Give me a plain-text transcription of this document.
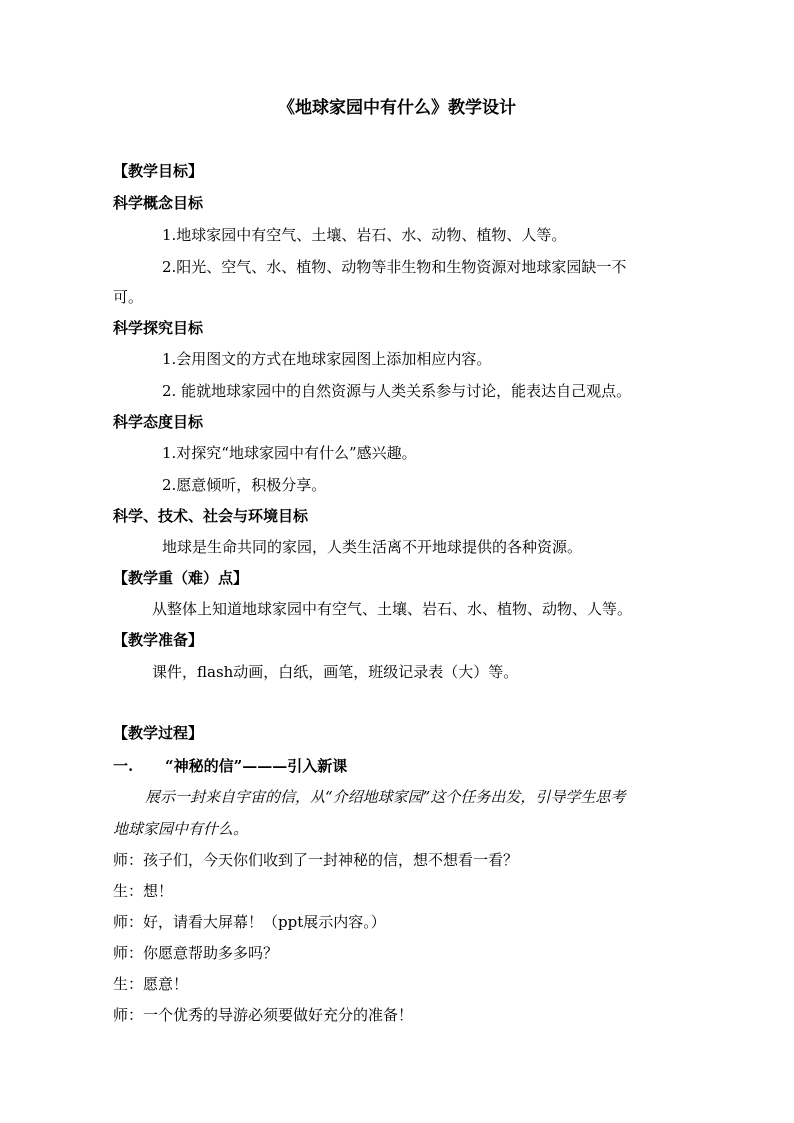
《地球家园中有什么》教学设计
【教学目标】
科学概念目标
1.地球家园中有空气、土壤、岩石、水、动物、植物、人等。
2.阳光、空气、水、植物、动物等非生物和生物资源对地球家园缺一不
可。
科学探究目标
1.会用图文的方式在地球家园图上添加相应内容。
2. 能就地球家园中的自然资源与人类关系参与讨论，能表达自己观点。
科学态度目标
1.对探究“地球家园中有什么”感兴趣。
2.愿意倾听，积极分享。
科学、技术、社会与环境目标
地球是生命共同的家园，人类生活离不开地球提供的各种资源。
【教学重（难）点】
从整体上知道地球家园中有空气、土壤、岩石、水、植物、动物、人等。
【教学准备】
课件，flash动画，白纸，画笔，班级记录表（大）等。
【教学过程】
一. “神秘的信”———引入新课
展示一封来自宇宙的信，从“介绍地球家园”这个任务出发，引导学生思考
地球家园中有什么。
师：孩子们，今天你们收到了一封神秘的信，想不想看一看？
生：想！
师：好，请看大屏幕！（ppt展示内容。）
师：你愿意帮助多多吗？
生：愿意！
师：一个优秀的导游必须要做好充分的准备！
